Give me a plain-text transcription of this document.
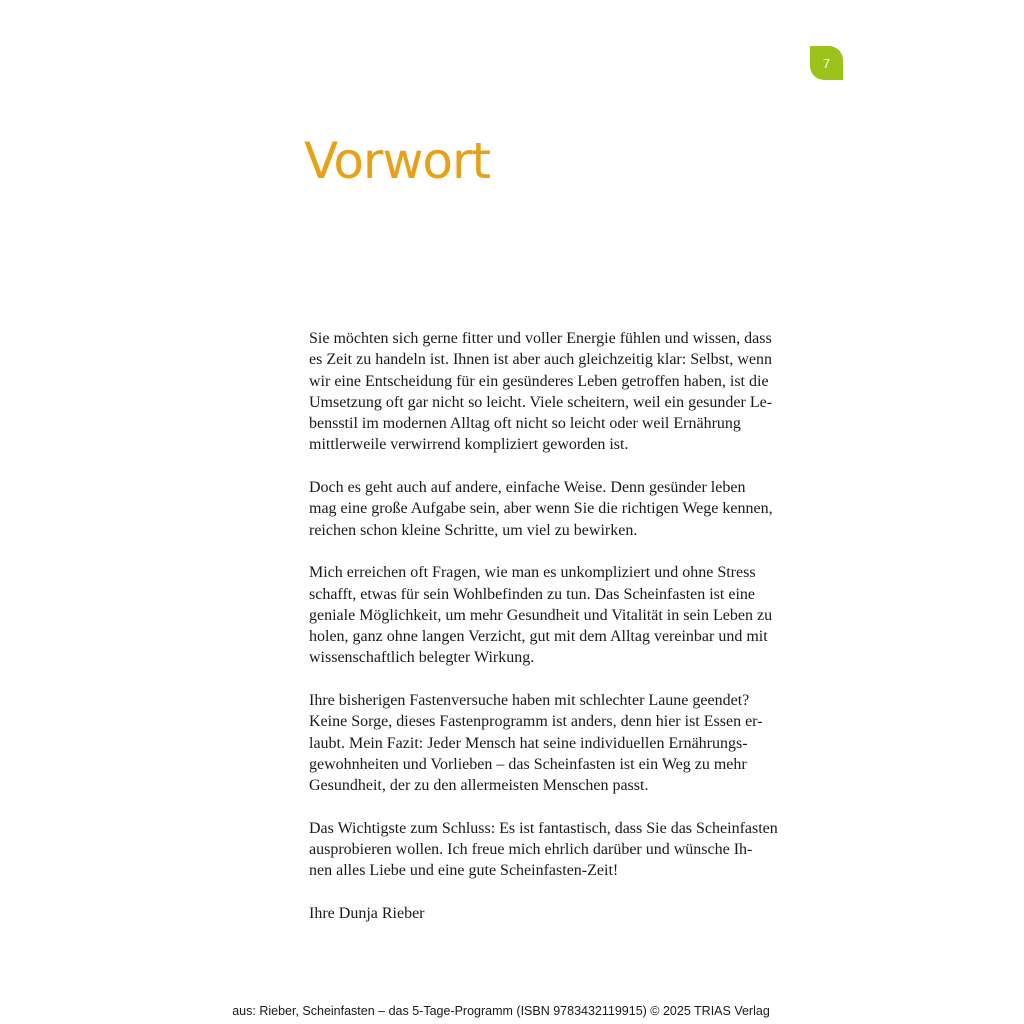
7
Vorwort

Sie möchten sich gerne fitter und voller Energie fühlen und wissen, dass
es Zeit zu handeln ist. Ihnen ist aber auch gleichzeitig klar: Selbst, wenn
wir eine Entscheidung für ein gesünderes Leben getroffen haben, ist die
Umsetzung oft gar nicht so leicht. Viele scheitern, weil ein gesunder Le-
bensstil im modernen Alltag oft nicht so leicht oder weil Ernährung
mittlerweile verwirrend kompliziert geworden ist.

Doch es geht auch auf andere, einfache Weise. Denn gesünder leben
mag eine große Aufgabe sein, aber wenn Sie die richtigen Wege kennen,
reichen schon kleine Schritte, um viel zu bewirken.

Mich erreichen oft Fragen, wie man es unkompliziert und ohne Stress
schafft, etwas für sein Wohlbefinden zu tun. Das Scheinfasten ist eine
geniale Möglichkeit, um mehr Gesundheit und Vitalität in sein Leben zu
holen, ganz ohne langen Verzicht, gut mit dem Alltag vereinbar und mit
wissenschaftlich belegter Wirkung.

Ihre bisherigen Fastenversuche haben mit schlechter Laune geendet?
Keine Sorge, dieses Fastenprogramm ist anders, denn hier ist Essen er-
laubt. Mein Fazit: Jeder Mensch hat seine individuellen Ernährungs-
gewohnheiten und Vorlieben – das Scheinfasten ist ein Weg zu mehr
Gesundheit, der zu den allermeisten Menschen passt.

Das Wichtigste zum Schluss: Es ist fantastisch, dass Sie das Scheinfasten
ausprobieren wollen. Ich freue mich ehrlich darüber und wünsche Ih-
nen alles Liebe und eine gute Scheinfasten-Zeit!

Ihre Dunja Rieber

aus: Rieber, Scheinfasten – das 5-Tage-Programm (ISBN 9783432119915) © 2025 TRIAS Verlag
